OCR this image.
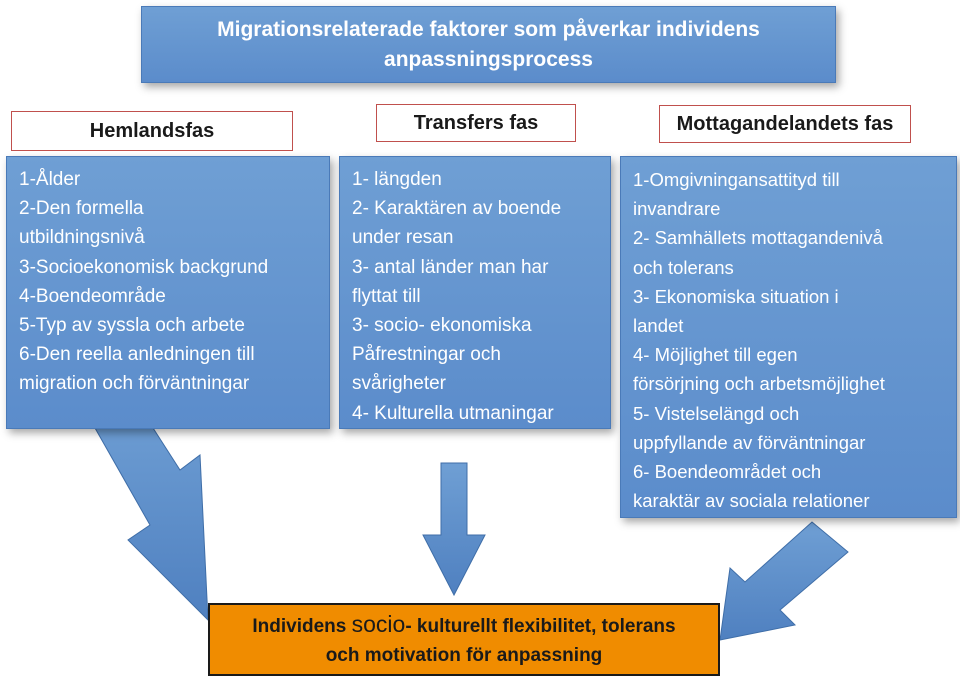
Migrationsrelaterade faktorer som påverkar individens
anpassningsprocess
Hemlandsfas	Transfers fas	Mottagandelandets fas
1-Ålder
2-Den formella
utbildningsnivå
3-Socioekonomisk backgrund
4-Boendeområde
5-Typ av syssla och arbete
6-Den reella anledningen till
migration och förväntningar
1- längden
2- Karaktären av boende
under resan
3- antal länder man har
flyttat till
3- socio- ekonomiska
Påfrestningar och
svårigheter
4- Kulturella utmaningar
1-Omgivningansattityd till
invandrare
2- Samhällets mottagandenivå
och tolerans
3- Ekonomiska situation i
landet
4- Möjlighet till egen
försörjning och arbetsmöjlighet
5- Vistelselängd och
uppfyllande av förväntningar
6- Boendeområdet och
karaktär av sociala relationer
Individens socio- kulturellt flexibilitet, tolerans
och motivation för anpassning
